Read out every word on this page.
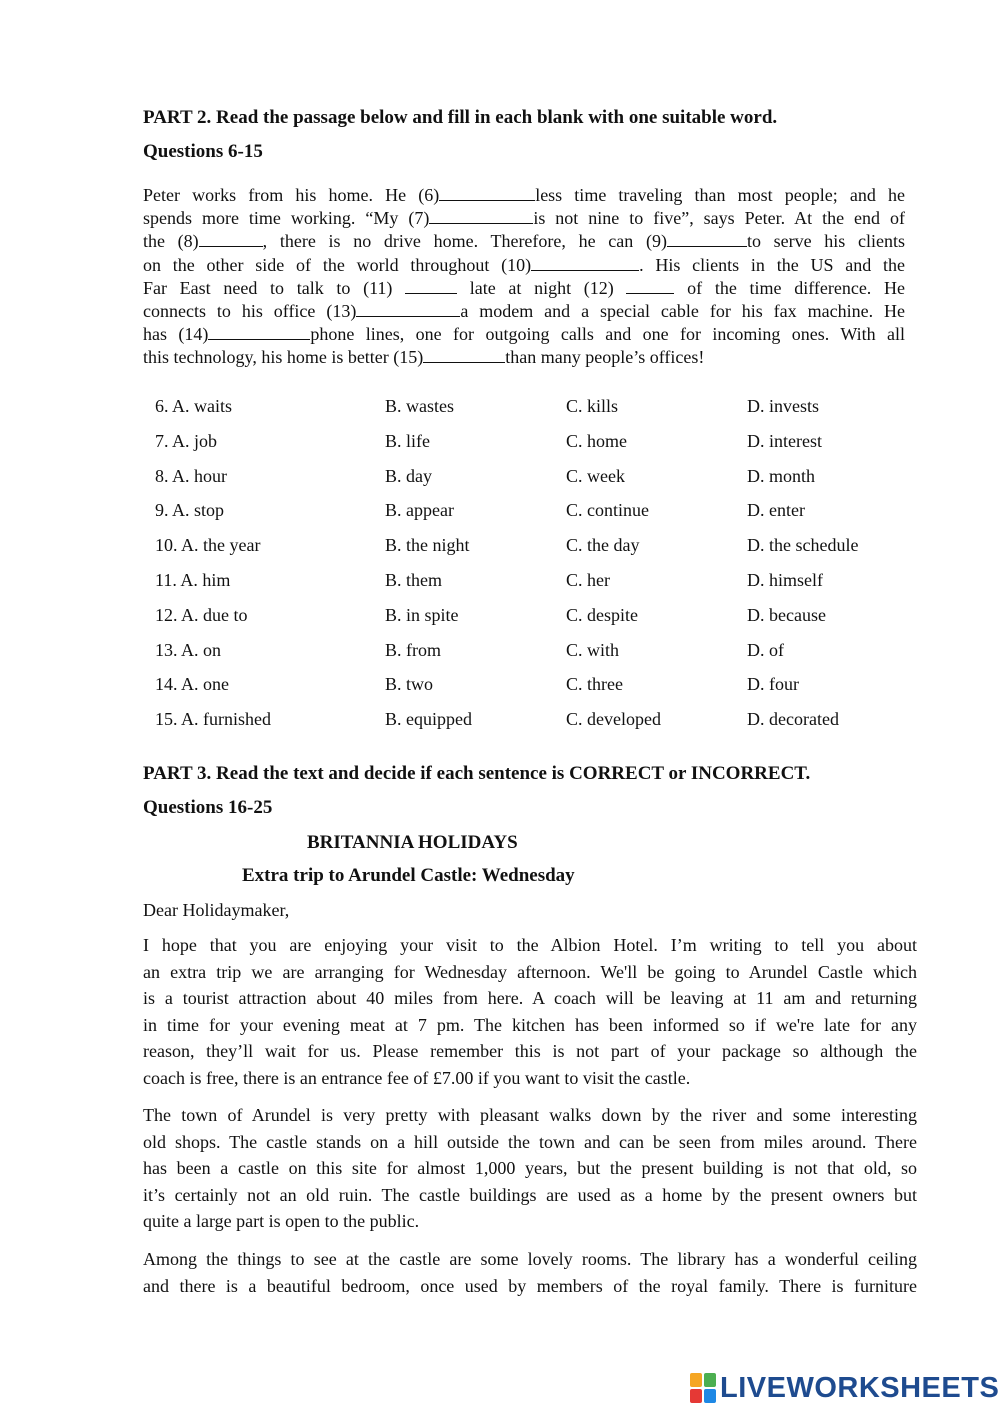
PART 2. Read the passage below and fill in each blank with one suitable word.
Questions 6-15
Peter works from his home. He (6)	less time traveling than most people; and he
spends more time working. “My (7)	is not nine to five”, says Peter. At the end of
the (8)	, there is no drive home. Therefore, he can (9)	to serve his clients
on the other side of the world throughout (10)	. His clients in the US and the
Far East need to talk to (11)	late at night (12)	of the time difference. He
connects to his office (13)	a modem and a special cable for his fax machine. He
has (14)	phone lines, one for outgoing calls and one for incoming ones. With all
this technology, his home is better (15)	than many people’s offices!
6. A. waits	B. wastes	C. kills	D. invests
7. A. job	B. life	C. home	D. interest
8. A. hour	B. day	C. week	D. month
9. A. stop	B. appear	C. continue	D. enter
10. A. the year	B. the night	C. the day	D. the schedule
11. A. him	B. them	C. her	D. himself
12. A. due to	B. in spite	C. despite	D. because
13. A. on	B. from	C. with	D. of
14. A. one	B. two	C. three	D. four
15. A. furnished	B. equipped	C. developed	D. decorated
PART 3. Read the text and decide if each sentence is CORRECT or INCORRECT.
Questions 16-25
BRITANNIA HOLIDAYS
Extra trip to Arundel Castle: Wednesday
Dear Holidaymaker,
I hope that you are enjoying your visit to the Albion Hotel. I’m writing to tell you about
an extra trip we are arranging for Wednesday afternoon. We'll be going to Arundel Castle which
is a tourist attraction about 40 miles from here. A coach will be leaving at 11 am and returning
in time for your evening meat at 7 pm. The kitchen has been informed so if we're late for any
reason, they’ll wait for us. Please remember this is not part of your package so although the
coach is free, there is an entrance fee of £7.00 if you want to visit the castle.
The town of Arundel is very pretty with pleasant walks down by the river and some interesting
old shops. The castle stands on a hill outside the town and can be seen from miles around. There
has been a castle on this site for almost 1,000 years, but the present building is not that old, so
it’s certainly not an old ruin. The castle buildings are used as a home by the present owners but
quite a large part is open to the public.
Among the things to see at the castle are some lovely rooms. The library has a wonderful ceiling
and there is a beautiful bedroom, once used by members of the royal family. There is furniture
LIVEWORKSHEETS
